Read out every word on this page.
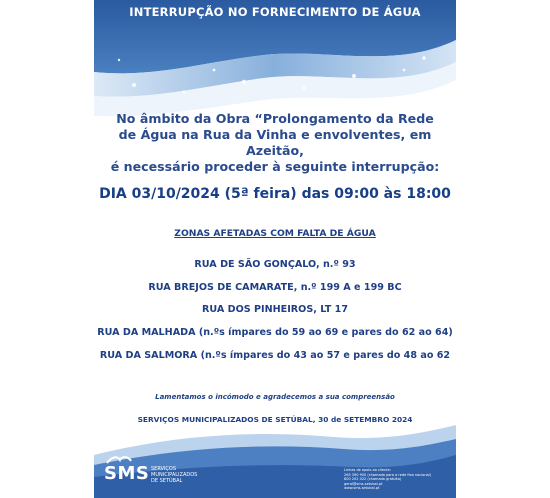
INTERRUPÇÃO NO FORNECIMENTO DE ÁGUA
No âmbito da Obra “Prolongamento da Rede
de Água na Rua da Vinha e envolventes, em Azeitão,
é necessário proceder à seguinte interrupção:
DIA 03/10/2024 (5ª feira) das 09:00 às 18:00
ZONAS AFETADAS COM FALTA DE ÁGUA
RUA DE SÃO GONÇALO, n.º 93
RUA BREJOS DE CAMARATE, n.º 199 A e 199 BC
RUA DOS PINHEIROS, LT 17
RUA DA MALHADA (n.ºs ímpares do 59 ao 69 e pares do 62 ao 64)
RUA DA SALMORA (n.ºs ímpares do 43 ao 57 e pares do 48 ao 62
Lamentamos o incómodo e agradecemos a sua compreensão
SERVIÇOS MUNICIPALIZADOS DE SETÚBAL, 30 de SETEMBRO 2024
SMS SERVIÇOS
MUNICIPALIZADOS
DE SETÚBAL
Linhas de apoio ao cliente:
265 390 900 (chamada para a rede fixa nacional)
800 202 022 (chamada gratuita)
geral@sms-setubal.pt
www.sms-setubal.pt
